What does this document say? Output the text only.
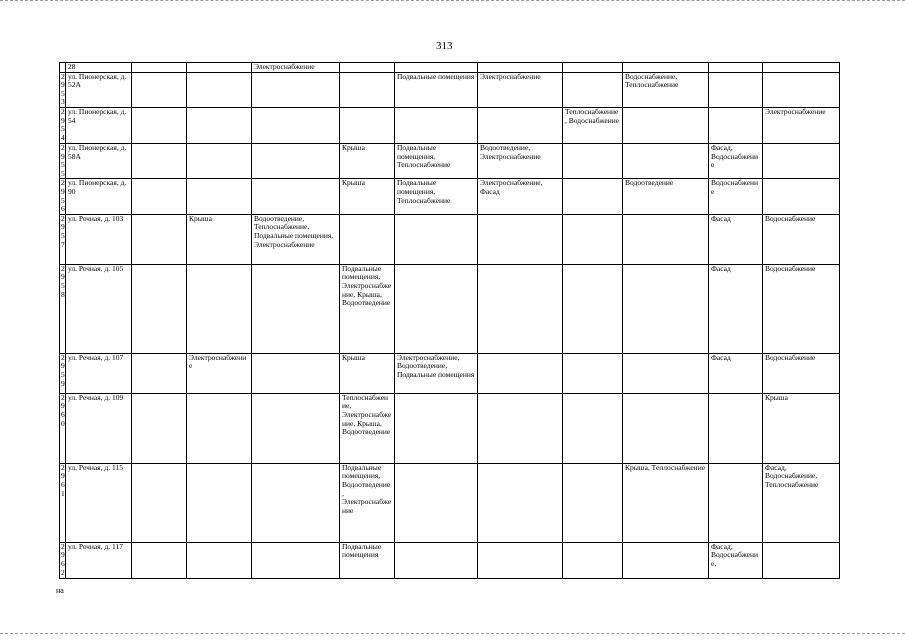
313
	28			Электроснабжение							
2953	ул. Пионерская, д. 52А					Подвальные помещения	Электроснабжение		Водоснабжение, Теплоснабжение		
2954	ул. Пионерская, д. 54							Теплоснабжение, Водоснабжение			Электроснабжение
2955	ул. Пионерская, д. 58А				Крыша	Подвальные помещения, Теплоснабжение	Водоотведение, Электроснабжение			Фасад, Водоснабжение	
2956	ул. Пионерская, д. 90				Крыша	Подвальные помещения, Теплоснабжение	Электроснабжение, Фасад		Водоотведение	Водоснабжение	
2957	ул. Речная, д. 103		Крыша	Водоотведение, Теплоснабжение, Подвальные помещения, Электроснабжение						Фасад	Водоснабжение
2958	ул. Речная, д. 105				Подвальные помещения, Электроснабжение, Крыша, Водоотведение					Фасад	Водоснабжение
2959	ул. Речная, д. 107		Электроснабжение		Крыша	Электроснабжение, Водоотведение, Подвальные помещения				Фасад	Водоснабжение
2960	ул. Речная, д. 109				Теплоснабжение, Электроснабжение, Крыша, Водоотведение						Крыша
2961	ул. Речная, д. 115				Подвальные помещения, Водоотведение, Электроснабжение				Крыша, Теплоснабжение		Фасад, Водоснабжение, Теплоснабжение
2962	ул. Речная, д. 117				Подвальные помещения					Фасад, Водоснабжение,	
на
